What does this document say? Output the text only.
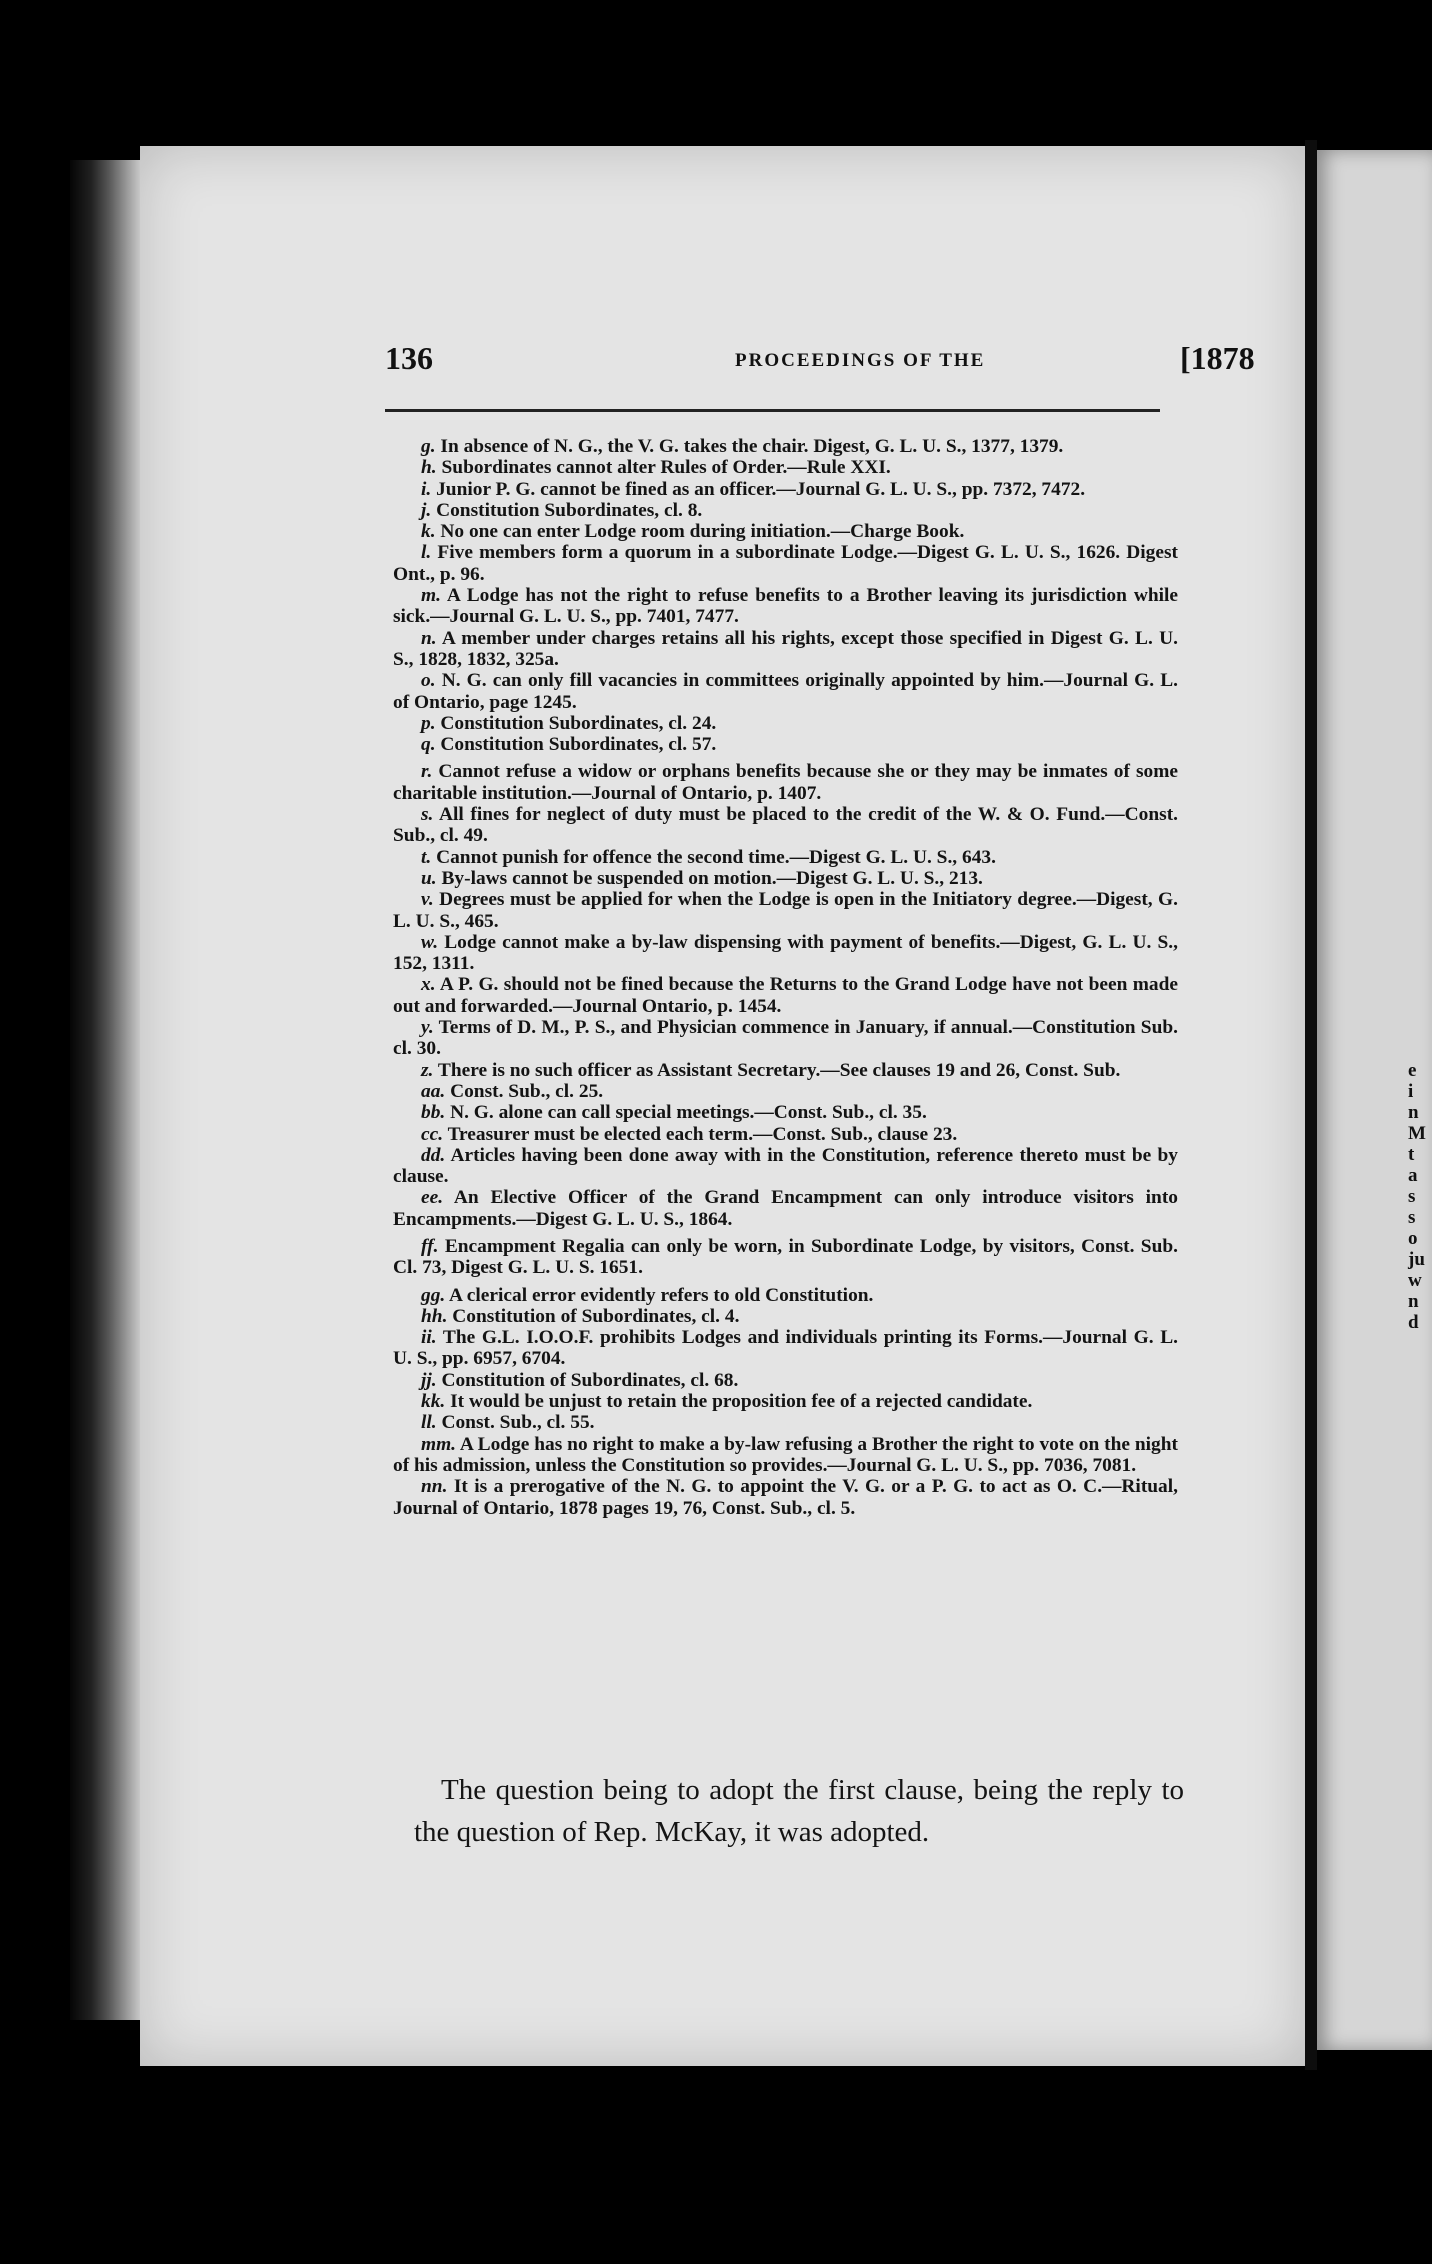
e
i
n
M
t
a
s
s
o
ju
w
n
d
136	PROCEEDINGS OF THE	[1878

g. In absence of N. G., the V. G. takes the chair. Digest, G. L. U. S., 1377, 1379.

h. Subordinates cannot alter Rules of Order.—Rule XXI.

i. Junior P. G. cannot be fined as an officer.—Journal G. L. U. S., pp. 7372, 7472.

j. Constitution Subordinates, cl. 8.

k. No one can enter Lodge room during initiation.—Charge Book.

l. Five members form a quorum in a subordinate Lodge.—Digest G. L. U. S., 1626. Digest Ont., p. 96.

m. A Lodge has not the right to refuse benefits to a Brother leaving its jurisdiction while sick.—Journal G. L. U. S., pp. 7401, 7477.

n. A member under charges retains all his rights, except those specified in Digest G. L. U. S., 1828, 1832, 325a.

o. N. G. can only fill vacancies in committees originally appointed by him.—Journal G. L. of Ontario, page 1245.

p. Constitution Subordinates, cl. 24.

q. Constitution Subordinates, cl. 57.

r. Cannot refuse a widow or orphans benefits because she or they may be inmates of some charitable institution.—Journal of Ontario, p. 1407.

s. All fines for neglect of duty must be placed to the credit of the W. & O. Fund.—Const. Sub., cl. 49.

t. Cannot punish for offence the second time.—Digest G. L. U. S., 643.

u. By-laws cannot be suspended on motion.—Digest G. L. U. S., 213.

v. Degrees must be applied for when the Lodge is open in the Initiatory degree.—Digest, G. L. U. S., 465.

w. Lodge cannot make a by-law dispensing with payment of benefits.—Digest, G. L. U. S., 152, 1311.

x. A P. G. should not be fined because the Returns to the Grand Lodge have not been made out and forwarded.—Journal Ontario, p. 1454.

y. Terms of D. M., P. S., and Physician commence in January, if annual.—Constitution Sub. cl. 30.

z. There is no such officer as Assistant Secretary.—See clauses 19 and 26, Const. Sub.

aa. Const. Sub., cl. 25.

bb. N. G. alone can call special meetings.—Const. Sub., cl. 35.

cc. Treasurer must be elected each term.—Const. Sub., clause 23.

dd. Articles having been done away with in the Constitution, reference thereto must be by clause.

ee. An Elective Officer of the Grand Encampment can only introduce visitors into Encampments.—Digest G. L. U. S., 1864.

ff. Encampment Regalia can only be worn, in Subordinate Lodge, by visitors, Const. Sub. Cl. 73, Digest G. L. U. S. 1651.

gg. A clerical error evidently refers to old Constitution.

hh. Constitution of Subordinates, cl. 4.

ii. The G.L. I.O.O.F. prohibits Lodges and individuals printing its Forms.—Journal G. L. U. S., pp. 6957, 6704.

jj. Constitution of Subordinates, cl. 68.

kk. It would be unjust to retain the proposition fee of a rejected candidate.

ll. Const. Sub., cl. 55.

mm. A Lodge has no right to make a by-law refusing a Brother the right to vote on the night of his admission, unless the Constitution so provides.—Journal G. L. U. S., pp. 7036, 7081.

nn. It is a prerogative of the N. G. to appoint the V. G. or a P. G. to act as O. C.—Ritual, Journal of Ontario, 1878 pages 19, 76, Const. Sub., cl. 5.

The question being to adopt the first clause, being the reply to the question of Rep. McKay, it was adopted.
